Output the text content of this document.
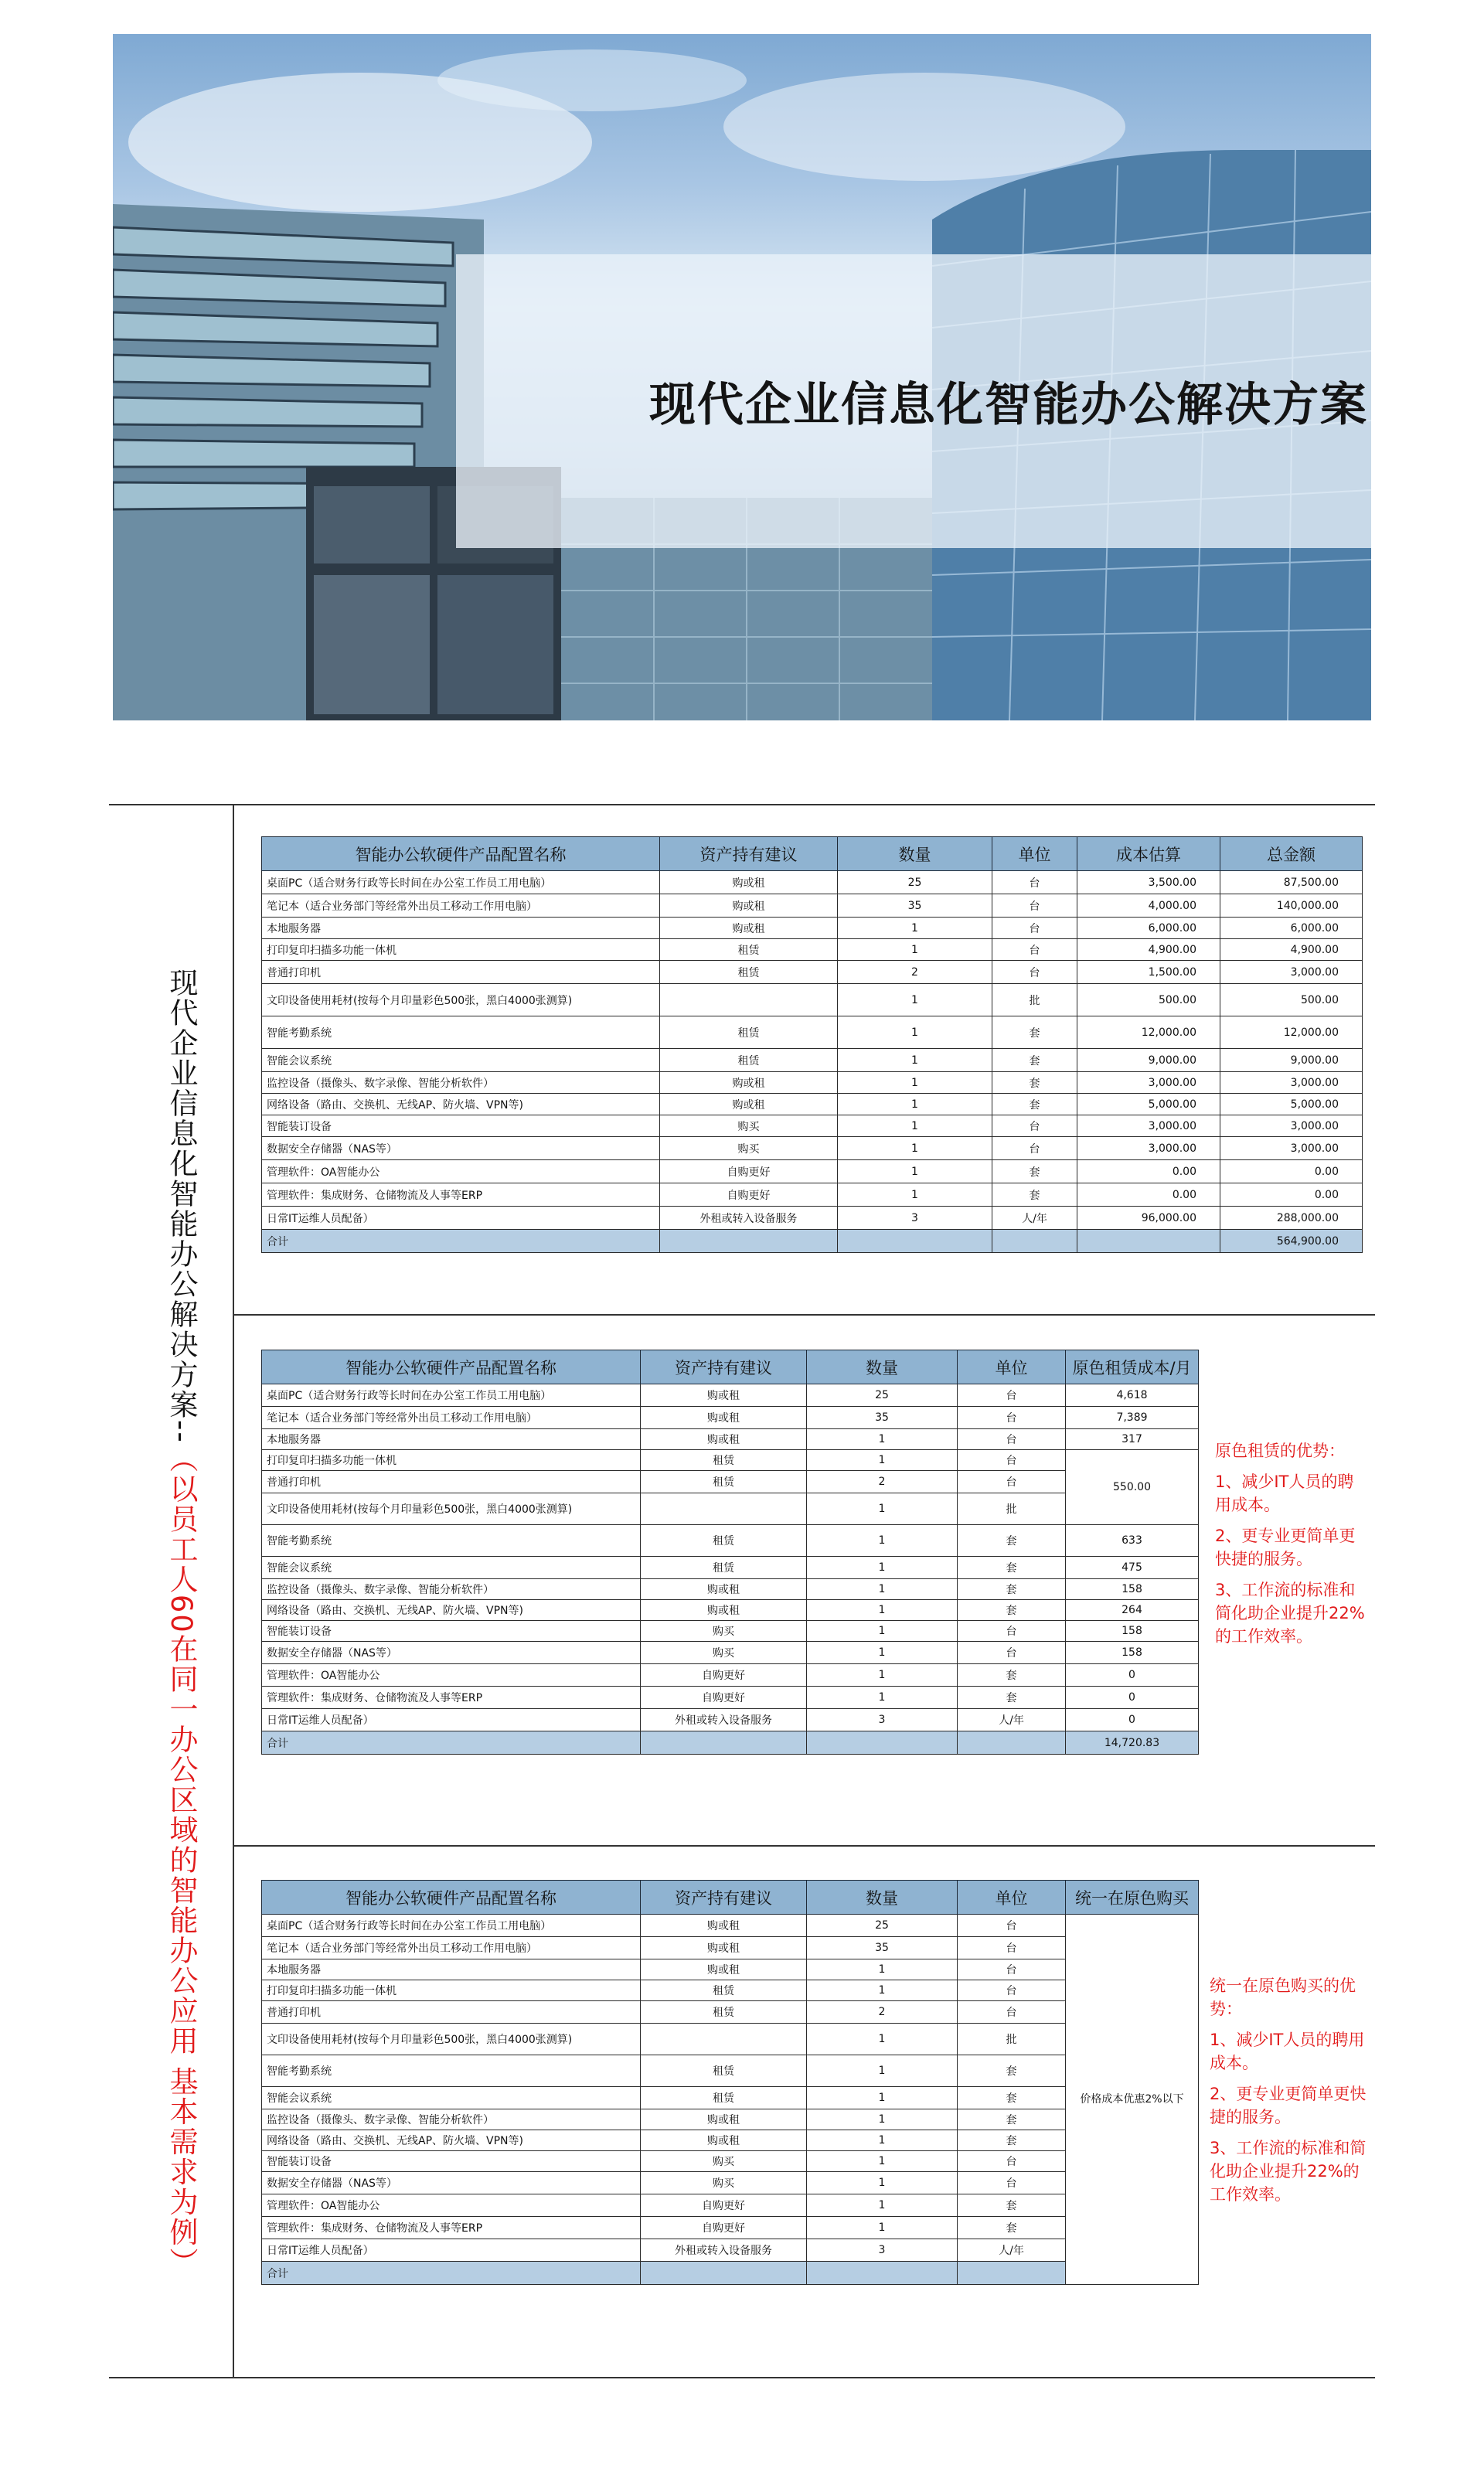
现代企业信息化智能办公解决方案
现代企业信息化智能办公解决方案--（以员工人60在同一办公区域的智能办公应用 基本需求为例）
智能办公软硬件产品配置名称	资产持有建议	数量	单位	成本估算	总金额
桌面PC（适合财务行政等长时间在办公室工作员工用电脑）	购或租	25	台	3,500.00	87,500.00
笔记本（适合业务部门等经常外出员工移动工作用电脑）	购或租	35	台	4,000.00	140,000.00
本地服务器	购或租	1	台	6,000.00	6,000.00
打印复印扫描多功能一体机	租赁	1	台	4,900.00	4,900.00
普通打印机	租赁	2	台	1,500.00	3,000.00
文印设备使用耗材(按每个月印量彩色500张，黑白4000张测算)		1	批	500.00	500.00
智能考勤系统	租赁	1	套	12,000.00	12,000.00
智能会议系统	租赁	1	套	9,000.00	9,000.00
监控设备（摄像头、数字录像、智能分析软件）	购或租	1	套	3,000.00	3,000.00
网络设备（路由、交换机、无线AP、防火墙、VPN等)	购或租	1	套	5,000.00	5,000.00
智能装订设备	购买	1	台	3,000.00	3,000.00
数据安全存储器（NAS等）	购买	1	台	3,000.00	3,000.00
管理软件：OA智能办公	自购更好	1	套	0.00	0.00
管理软件：集成财务、仓储物流及人事等ERP	自购更好	1	套	0.00	0.00
日常IT运维人员配备）	外租或转入设备服务	3	人/年	96,000.00	288,000.00
合计					564,900.00
智能办公软硬件产品配置名称	资产持有建议	数量	单位	原色租赁成本/月
桌面PC（适合财务行政等长时间在办公室工作员工用电脑）	购或租	25	台	4,618
笔记本（适合业务部门等经常外出员工移动工作用电脑）	购或租	35	台	7,389
本地服务器	购或租	1	台	317
打印复印扫描多功能一体机	租赁	1	台	550.00
普通打印机	租赁	2	台	
文印设备使用耗材(按每个月印量彩色500张，黑白4000张测算)		1	批	
智能考勤系统	租赁	1	套	633
智能会议系统	租赁	1	套	475
监控设备（摄像头、数字录像、智能分析软件）	购或租	1	套	158
网络设备（路由、交换机、无线AP、防火墙、VPN等)	购或租	1	套	264
智能装订设备	购买	1	台	158
数据安全存储器（NAS等）	购买	1	台	158
管理软件：OA智能办公	自购更好	1	套	0
管理软件：集成财务、仓储物流及人事等ERP	自购更好	1	套	0
日常IT运维人员配备）	外租或转入设备服务	3	人/年	0
合计				14,720.83

原色租赁的优势：

1、减少IT人员的聘用成本。

2、更专业更简单更快捷的服务。

3、工作流的标准和简化助企业提升22%的工作效率。

智能办公软硬件产品配置名称	资产持有建议	数量	单位	统一在原色购买
桌面PC（适合财务行政等长时间在办公室工作员工用电脑）	购或租	25	台	价格成本优惠2%以下
笔记本（适合业务部门等经常外出员工移动工作用电脑）	购或租	35	台	
本地服务器	购或租	1	台	
打印复印扫描多功能一体机	租赁	1	台	
普通打印机	租赁	2	台	
文印设备使用耗材(按每个月印量彩色500张，黑白4000张测算)		1	批	
智能考勤系统	租赁	1	套	
智能会议系统	租赁	1	套	
监控设备（摄像头、数字录像、智能分析软件）	购或租	1	套	
网络设备（路由、交换机、无线AP、防火墙、VPN等)	购或租	1	套	
智能装订设备	购买	1	台	
数据安全存储器（NAS等）	购买	1	台	
管理软件：OA智能办公	自购更好	1	套	
管理软件：集成财务、仓储物流及人事等ERP	自购更好	1	套	
日常IT运维人员配备）	外租或转入设备服务	3	人/年	
合计				

统一在原色购买的优势：

1、减少IT人员的聘用成本。

2、更专业更简单更快捷的服务。

3、工作流的标准和简化助企业提升22%的工作效率。
